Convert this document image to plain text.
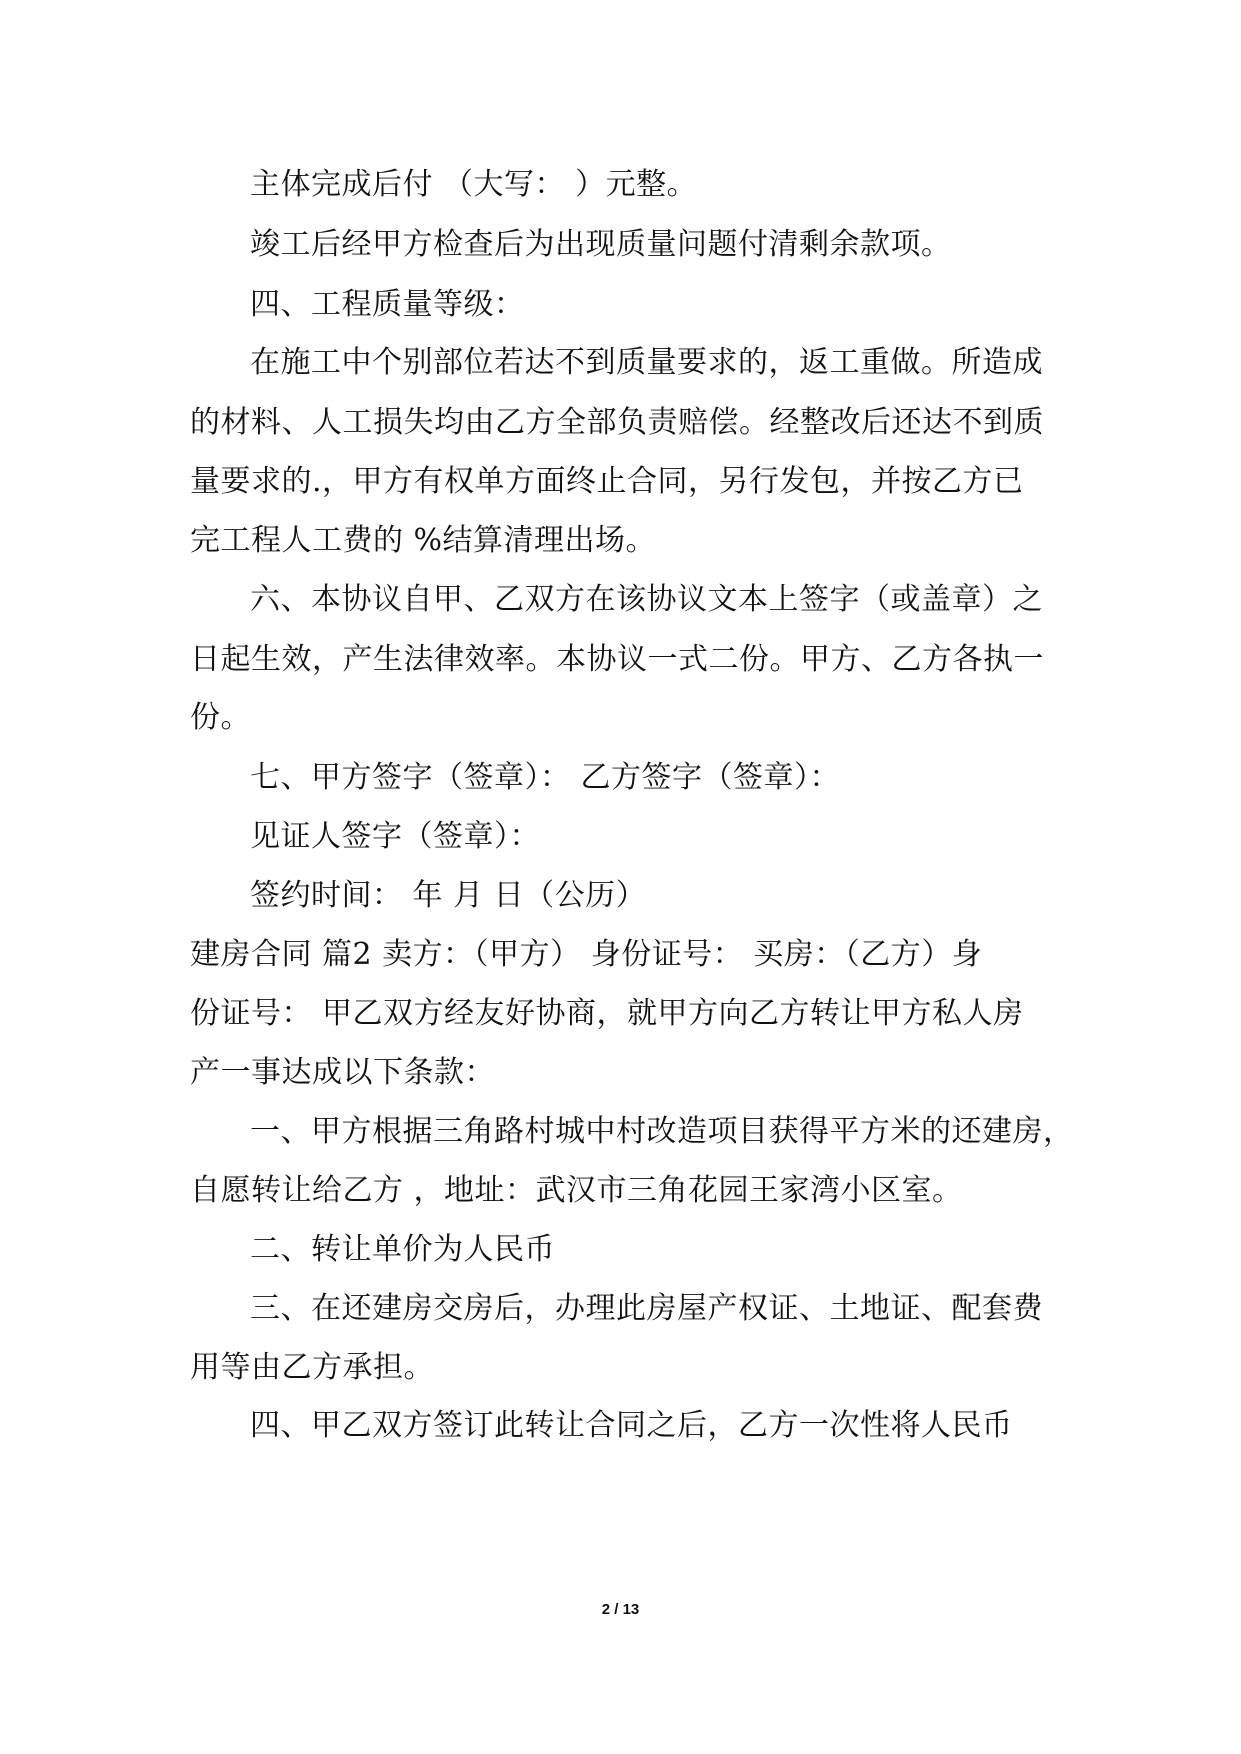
主体完成后付 （大写： ）元整。
竣工后经甲方检查后为出现质量问题付清剩余款项。
四、工程质量等级：
在施工中个别部位若达不到质量要求的，返工重做。所造成
的材料、人工损失均由乙方全部负责赔偿。经整改后还达不到质
量要求的.，甲方有权单方面终止合同，另行发包，并按乙方已
完工程人工费的 %结算清理出场。
六、本协议自甲、乙双方在该协议文本上签字（或盖章）之
日起生效，产生法律效率。本协议一式二份。甲方、乙方各执一
份。
七、甲方签字（签章）： 乙方签字（签章）：
见证人签字（签章）：
签约时间： 年 月 日（公历）
建房合同 篇2 卖方：（甲方） 身份证号： 买房：（乙方）身
份证号： 甲乙双方经友好协商，就甲方向乙方转让甲方私人房
产一事达成以下条款：
一、甲方根据三角路村城中村改造项目获得平方米的还建房，
自愿转让给乙方 ，地址：武汉市三角花园王家湾小区室。
二、转让单价为人民币
三、在还建房交房后，办理此房屋产权证、土地证、配套费
用等由乙方承担。
四、甲乙双方签订此转让合同之后，乙方一次性将人民币
2 / 13
